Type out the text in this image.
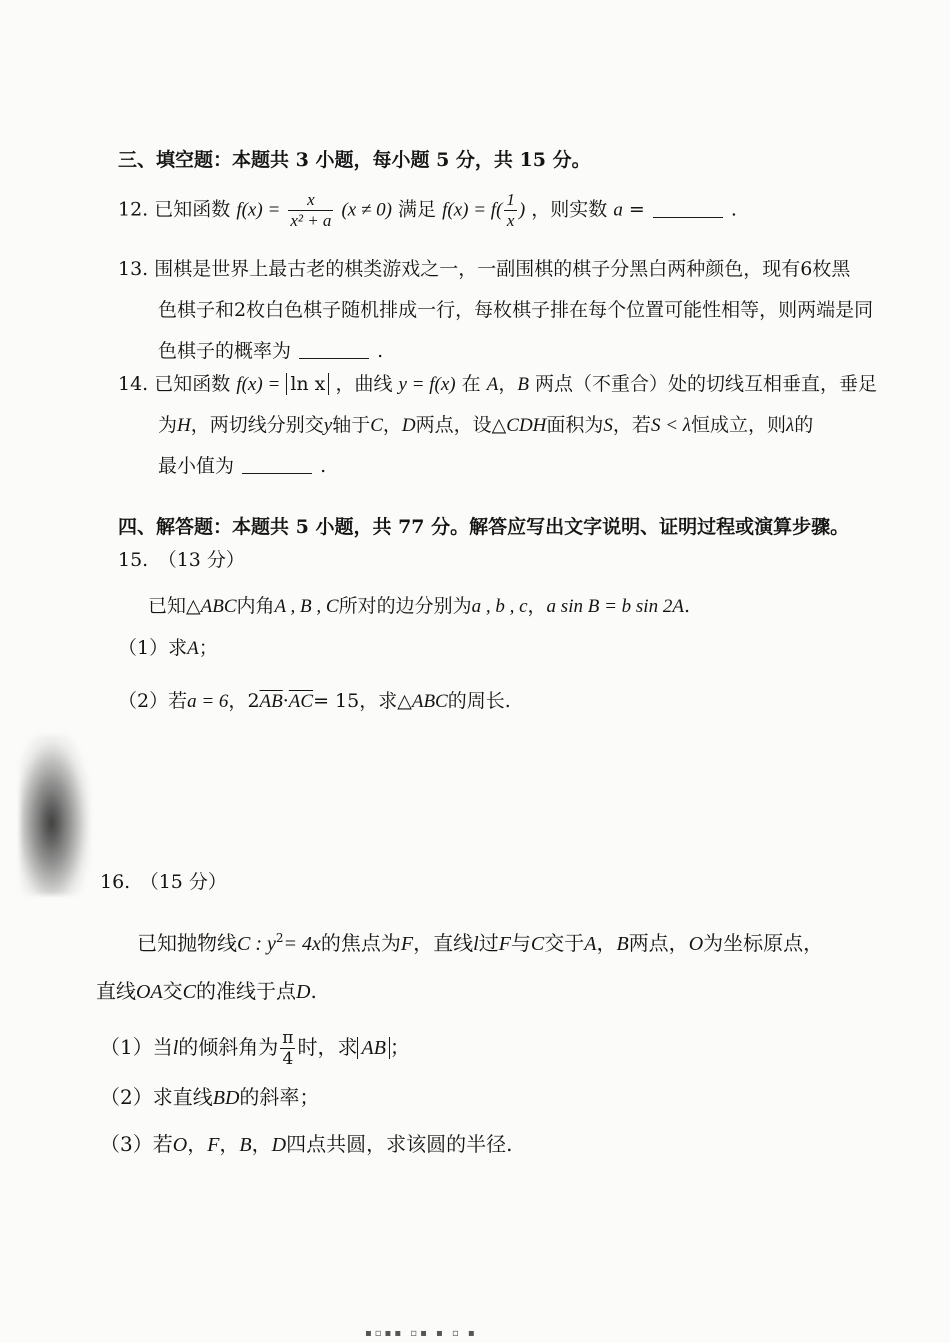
三、填空题：本题共 3 小题，每小题 5 分，共 15 分。
12. 已知函数 $f(x) = \frac{x}{\text{x² + a}} (x \ne 0)$ 满足 $f(x) = f( \frac{1}{x}$ ) ，则实数 a =	.
13. 围棋是世界上最古老的棋类游戏之一，一副围棋的棋子分黑白两种颜色，现有6枚黑
色棋子和2枚白色棋子随机排成一行，每枚棋子排在每个位置可能性相等，则两端是同
色棋子的概率为	.
14. 已知函数 f(x) = ln x ，曲线 y = f(x) 在 A，B 两点（不重合）处的切线互相垂直，垂足
为H，两切线分别交y轴于C，D两点，设△CDH面积为S，若S < λ恒成立，则λ的
最小值为	.
四、解答题：本题共 5 小题，共 77 分。解答应写出文字说明、证明过程或演算步骤。
15.　（13 分）
已知△ABC内角A , B , C所对的边分别为a , b , c，a sin B = b sin 2A.
（1）求A；
（2）若a = 6，$2\overline{AB}\cdot\overline{AC}= 15$，求△ABC的周长.
16.　（15 分）
已知抛物线C : $y^2= 4x$的焦点为F，直线l过F与C交于A，B两点，O为坐标原点，
直线OA交C的准线于点D.
（1）当l的倾斜角为 $\frac{\pi}{4}$ 时，求 AB ；
（2）求直线BD的斜率；
（3）若O，F，B，D四点共圆，求该圆的半径.
▪▫▪▪ ▫▪ ▪ ▫ ▪
